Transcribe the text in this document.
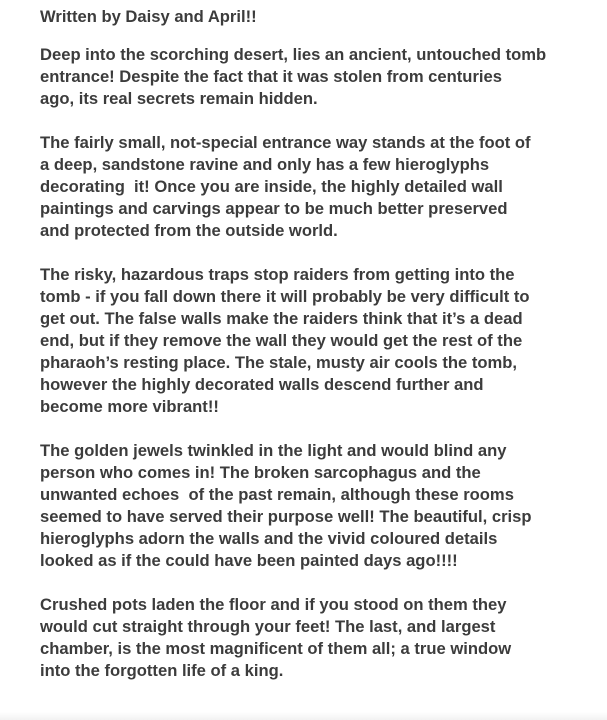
Written by Daisy and April!!
Deep into the scorching desert, lies an ancient, untouched tomb
entrance! Despite the fact that it was stolen from centuries
ago, its real secrets remain hidden.
The fairly small, not-special entrance way stands at the foot of
a deep, sandstone ravine and only has a few hieroglyphs
decorating  it! Once you are inside, the highly detailed wall
paintings and carvings appear to be much better preserved
and protected from the outside world.
The risky, hazardous traps stop raiders from getting into the
tomb - if you fall down there it will probably be very difficult to
get out. The false walls make the raiders think that it’s a dead
end, but if they remove the wall they would get the rest of the
pharaoh’s resting place. The stale, musty air cools the tomb,
however the highly decorated walls descend further and
become more vibrant!!
The golden jewels twinkled in the light and would blind any
person who comes in! The broken sarcophagus and the
unwanted echoes  of the past remain, although these rooms
seemed to have served their purpose well! The beautiful, crisp
hieroglyphs adorn the walls and the vivid coloured details
looked as if the could have been painted days ago!!!!
Crushed pots laden the floor and if you stood on them they
would cut straight through your feet! The last, and largest
chamber, is the most magnificent of them all; a true window
into the forgotten life of a king.
